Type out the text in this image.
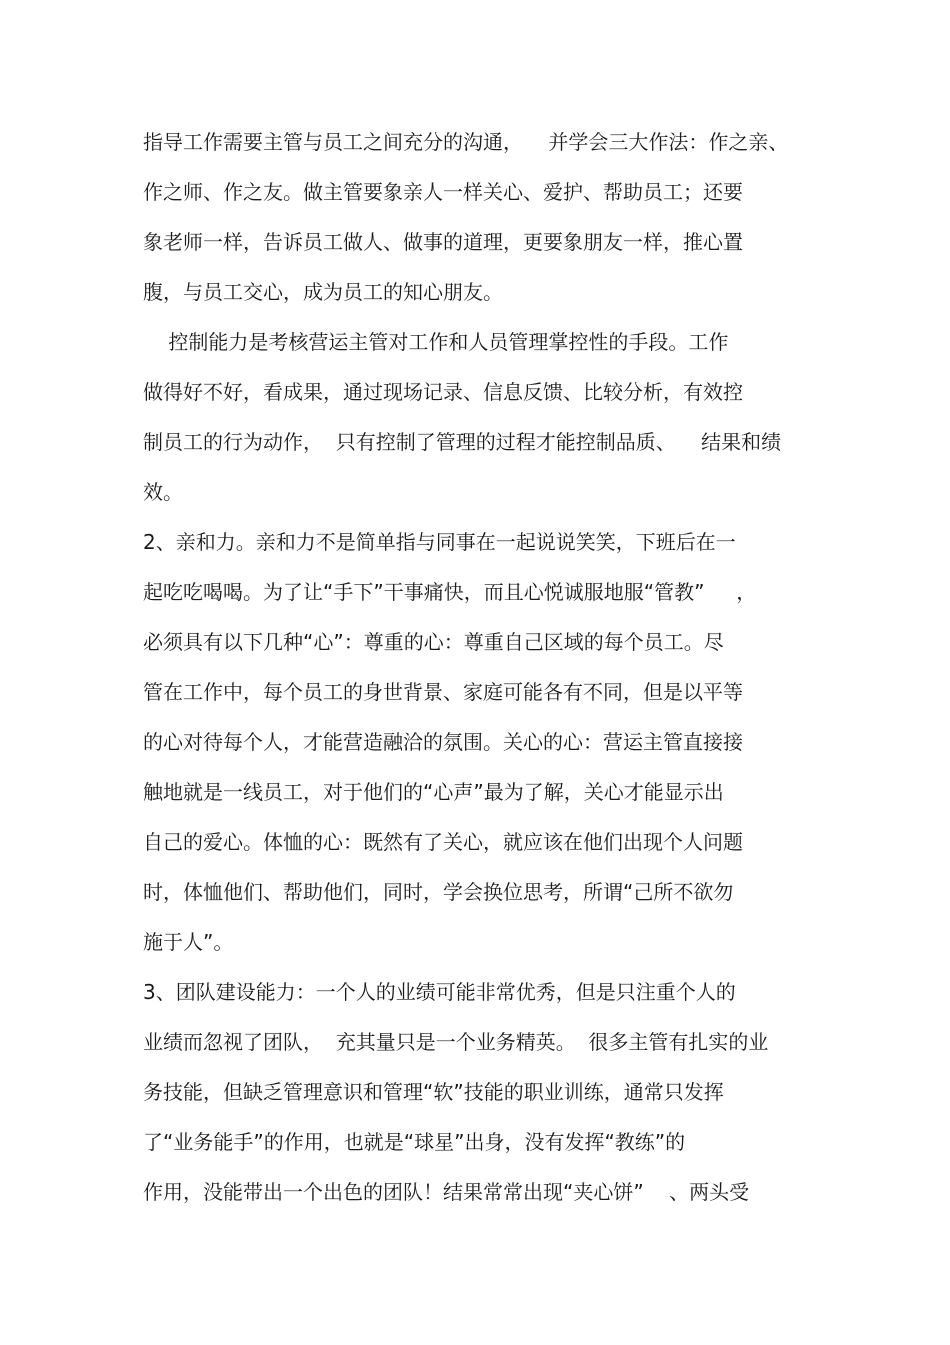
指导工作需要主管与员工之间充分的沟通，    并学会三大作法：作之亲、
作之师、作之友。做主管要象亲人一样关心、爱护、帮助员工；还要
象老师一样，告诉员工做人、做事的道理，更要象朋友一样，推心置
腹，与员工交心，成为员工的知心朋友。
控制能力是考核营运主管对工作和人员管理掌控性的手段。工作
做得好不好，看成果，通过现场记录、信息反馈、比较分析，有效控
制员工的行为动作，  只有控制了管理的过程才能控制品质、    结果和绩
效。
2、亲和力。亲和力不是简单指与同事在一起说说笑笑，下班后在一
起吃吃喝喝。为了让“手下”干事痛快，而且心悦诚服地服“管教”     ，
必须具有以下几种“心”：尊重的心：尊重自己区域的每个员工。尽
管在工作中，每个员工的身世背景、家庭可能各有不同，但是以平等
的心对待每个人，才能营造融洽的氛围。关心的心：营运主管直接接
触地就是一线员工，对于他们的“心声”最为了解，关心才能显示出
自己的爱心。体恤的心：既然有了关心，就应该在他们出现个人问题
时，体恤他们、帮助他们，同时，学会换位思考，所谓“己所不欲勿
施于人”。
3、团队建设能力：一个人的业绩可能非常优秀，但是只注重个人的
业绩而忽视了团队，  充其量只是一个业务精英。  很多主管有扎实的业
务技能，但缺乏管理意识和管理“软”技能的职业训练，通常只发挥
了“业务能手”的作用，也就是“球星”出身，没有发挥“教练”的
作用，没能带出一个出色的团队！结果常常出现“夹心饼”    、两头受
